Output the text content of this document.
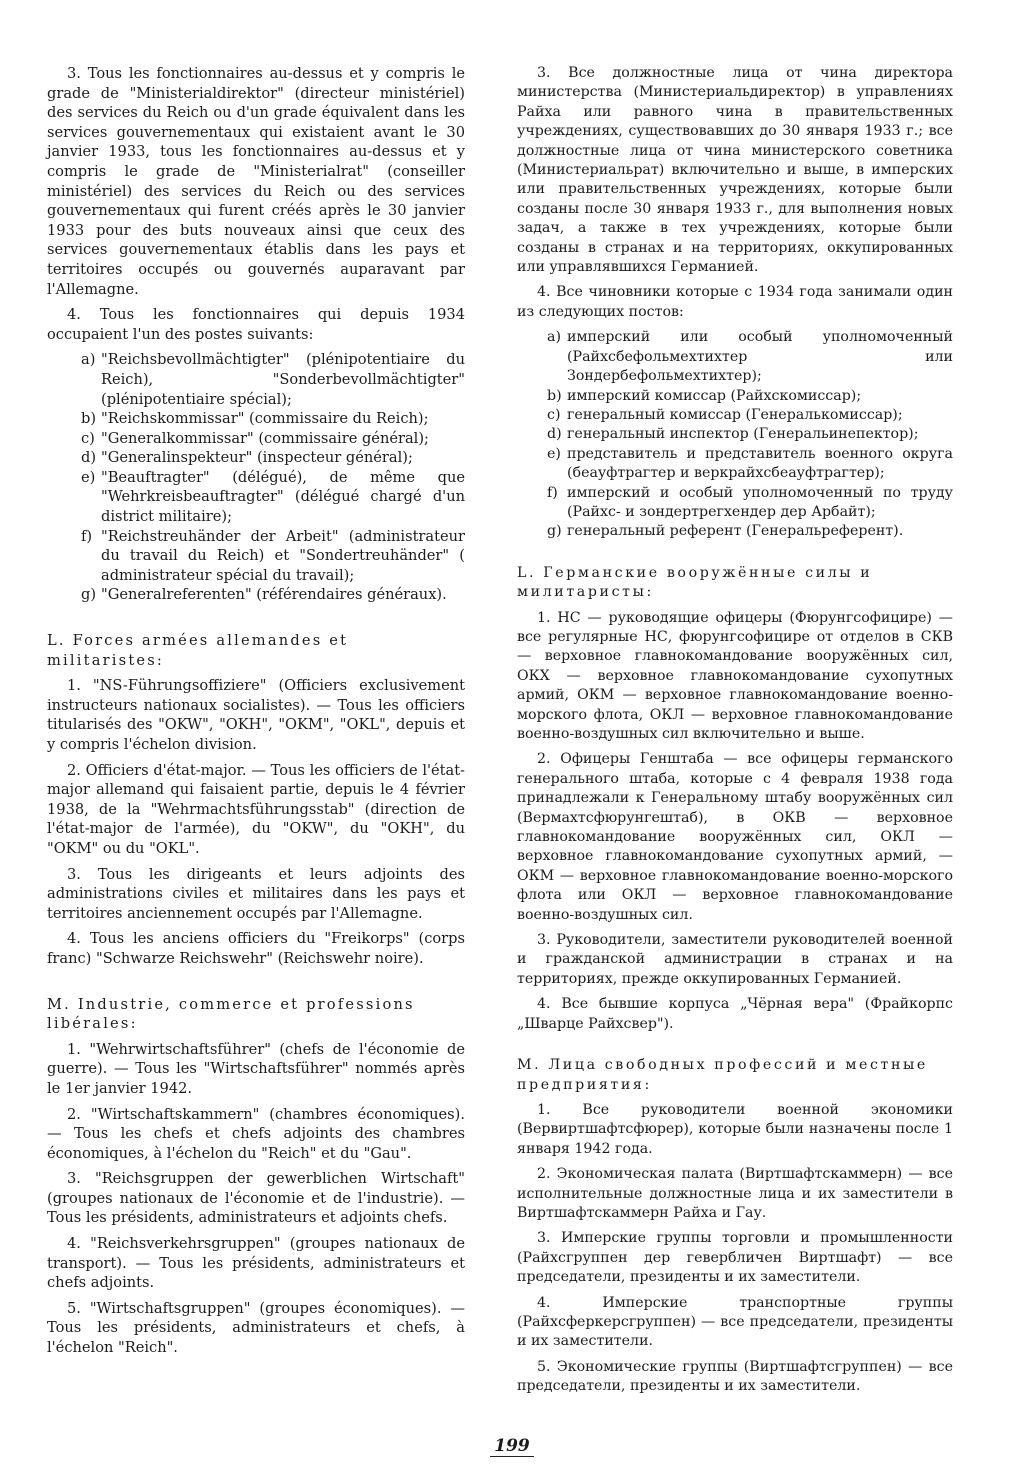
3. Tous les fonctionnaires au-dessus et y compris le grade de "Ministerialdirektor" (directeur ministériel) des services du Reich ou d'un grade équivalent dans les services gouvernementaux qui existaient avant le 30 janvier 1933, tous les fonctionnaires au-dessus et y compris le grade de "Ministerialrat" (conseiller ministériel) des services du Reich ou des services gouvernementaux qui furent créés après le 30 janvier 1933 pour des buts nouveaux ainsi que ceux des services gouvernementaux établis dans les pays et territoires occupés ou gouvernés auparavant par l'Allemagne.

4. Tous les fonctionnaires qui depuis 1934 occupaient l'un des postes suivants:

a) "Reichsbevollmächtigter" (plénipotentiaire du Reich), "Sonderbevollmächtigter" (plénipotentiaire spécial);
b) "Reichskommissar" (commissaire du Reich);
c) "Generalkommissar" (commissaire général);
d) "Generalinspekteur" (inspecteur général);
e) "Beauftragter" (délégué), de même que "Wehrkreisbeauftragter" (délégué chargé d'un district militaire);
f) "Reichstreuhänder der Arbeit" (administrateur du travail du Reich) et "Sondertreuhänder" ( administrateur spécial du travail);
g) "Generalreferenten" (référendaires généraux).

L. Forces armées allemandes et militaristes:

1. "NS-Führungsoffiziere" (Officiers exclusivement instructeurs nationaux socialistes). — Tous les officiers titularisés des "OKW", "OKH", "OKM", "OKL", depuis et y compris l'échelon division.

2. Officiers d'état-major. — Tous les officiers de l'état-major allemand qui faisaient partie, depuis le 4 février 1938, de la "Wehrmachtsführungsstab" (direction de l'état-major de l'armée), du "OKW", du "OKH", du "OKM" ou du "OKL".

3. Tous les dirigeants et leurs adjoints des administrations civiles et militaires dans les pays et territoires anciennement occupés par l'Allemagne.

4. Tous les anciens officiers du "Freikorps" (corps franc) "Schwarze Reichswehr" (Reichswehr noire).

M. Industrie, commerce et professions libérales:

1. "Wehrwirtschaftsführer" (chefs de l'économie de guerre). — Tous les "Wirtschaftsführer" nommés après le 1er janvier 1942.

2. "Wirtschaftskammern" (chambres économiques). — Tous les chefs et chefs adjoints des chambres économiques, à l'échelon du "Reich" et du "Gau".

3. "Reichsgruppen der gewerblichen Wirtschaft" (groupes nationaux de l'économie et de l'industrie). — Tous les présidents, administrateurs et adjoints chefs.

4. "Reichsverkehrsgruppen" (groupes nationaux de transport). — Tous les présidents, administrateurs et chefs adjoints.

5. "Wirtschaftsgruppen" (groupes économiques). — Tous les présidents, administrateurs et chefs, à l'échelon "Reich".

3. Все должностные лица от чина директора министерства (Министериальдиректор) в управлениях Райха или равного чина в правительственных учреждениях, существовавших до 30 января 1933 г.; все должностные лица от чина министерского советника (Министериальрат) включительно и выше, в имперских или правительственных учреждениях, которые были созданы после 30 января 1933 г., для выполнения новых задач, а также в тех учреждениях, которые были созданы в странах и на территориях, оккупированных или управлявшихся Германией.

4. Все чиновники которые с 1934 года занимали один из следующих постов:

a) имперский или особый уполномоченный (Райхсбефольмехтихтер или Зондербефольмехтихтер);
b) имперский комиссар (Райхскомиссар);
c) генеральный комиссар (Генералькомиссар);
d) генеральный инспектор (Генеральинепектор);
e) представитель и представитель военного округа (беауфтрагтер и веркрайхсбеауфтрагтер);
f) имперский и особый уполномоченный по труду (Райхс- и зондертрегхендер дер Арбайт);
g) генеральный референт (Генеральреферент).

L. Германские вооружённые силы и милитаристы:

1. НС — руководящие офицеры (Фюрунгсофицире) — все регулярные НС, фюрунгсофицире от отделов в СКВ — верховное главнокомандование вооружённых сил, ОКХ — верховное главнокомандование сухопутных армий, ОКМ — верховное главнокомандование военно-морского флота, ОКЛ — верховное главнокомандование военно-воздушных сил включительно и выше.

2. Офицеры Генштаба — все офицеры германского генерального штаба, которые с 4 февраля 1938 года принадлежали к Генеральному штабу вооружённых сил (Вермахтсфюрунгештаб), в ОКВ — верховное главнокомандование вооружённых сил, ОКЛ — верховное главнокомандование сухопутных армий, — ОКМ — верховное главнокомандование военно-морского флота или ОКЛ — верховное главнокомандование военно-воздушных сил.

3. Руководители, заместители руководителей военной и гражданской администрации в странах и на территориях, прежде оккупированных Германией.

4. Все бывшие корпуса „Чёрная вера" (Фрайкорпс „Шварце Райхсвер").

M. Лица свободных профессий и местные предприятия:

1. Все руководители военной экономики (Вервиртшафтсфюрер), которые были назначены после 1 января 1942 года.

2. Экономическая палата (Виртшафтскаммерн) — все исполнительные должностные лица и их заместители в Виртшафтскаммерн Райха и Гау.

3. Имперские группы торговли и промышленности (Райхсгруппен дер гевербличен Виртшафт) — все председатели, президенты и их заместители.

4. Имперские транспортные группы (Райхсферкерсгруппен) — все председатели, президенты и их заместители.

5. Экономические группы (Виртшафтсгруппен) — все председатели, президенты и их заместители.

199
